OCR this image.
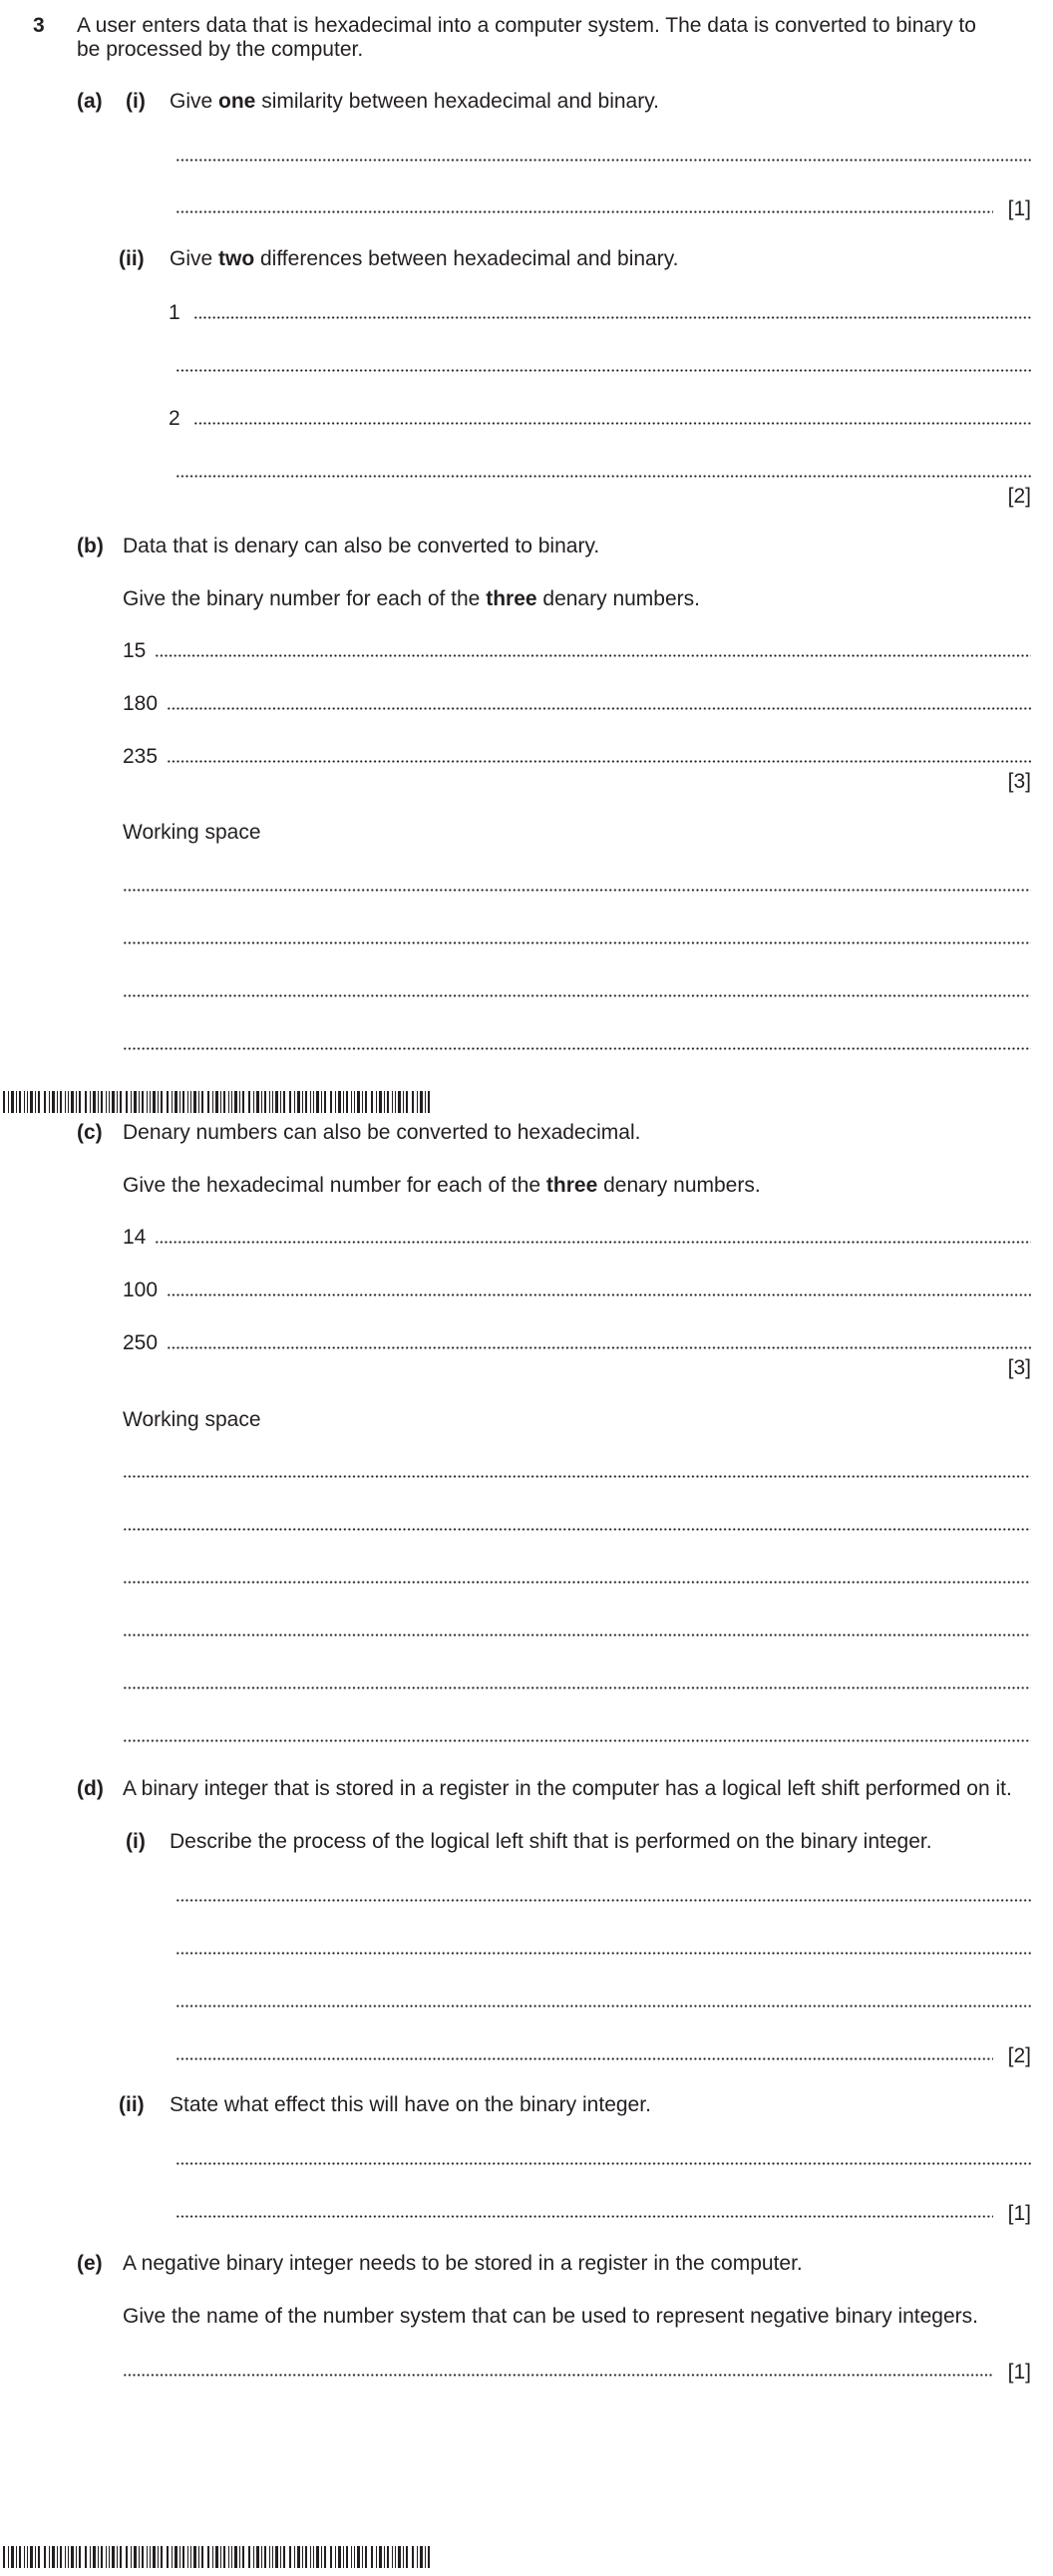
3 A user enters data that is hexadecimal into a computer system. The data is converted to binary to
be processed by the computer.
(a) (i) Give one similarity between hexadecimal and binary.
[1]
(ii) Give two differences between hexadecimal and binary.
1
2
[2]
(b) Data that is denary can also be converted to binary.
Give the binary number for each of the three denary numbers.
15
180
235
[3]
Working space
(c) Denary numbers can also be converted to hexadecimal.
Give the hexadecimal number for each of the three denary numbers.
14
100
250
[3]
Working space
(d) A binary integer that is stored in a register in the computer has a logical left shift performed on it.
(i) Describe the process of the logical left shift that is performed on the binary integer.
[2]
(ii) State what effect this will have on the binary integer.
[1]
(e) A negative binary integer needs to be stored in a register in the computer.
Give the name of the number system that can be used to represent negative binary integers.
[1]
